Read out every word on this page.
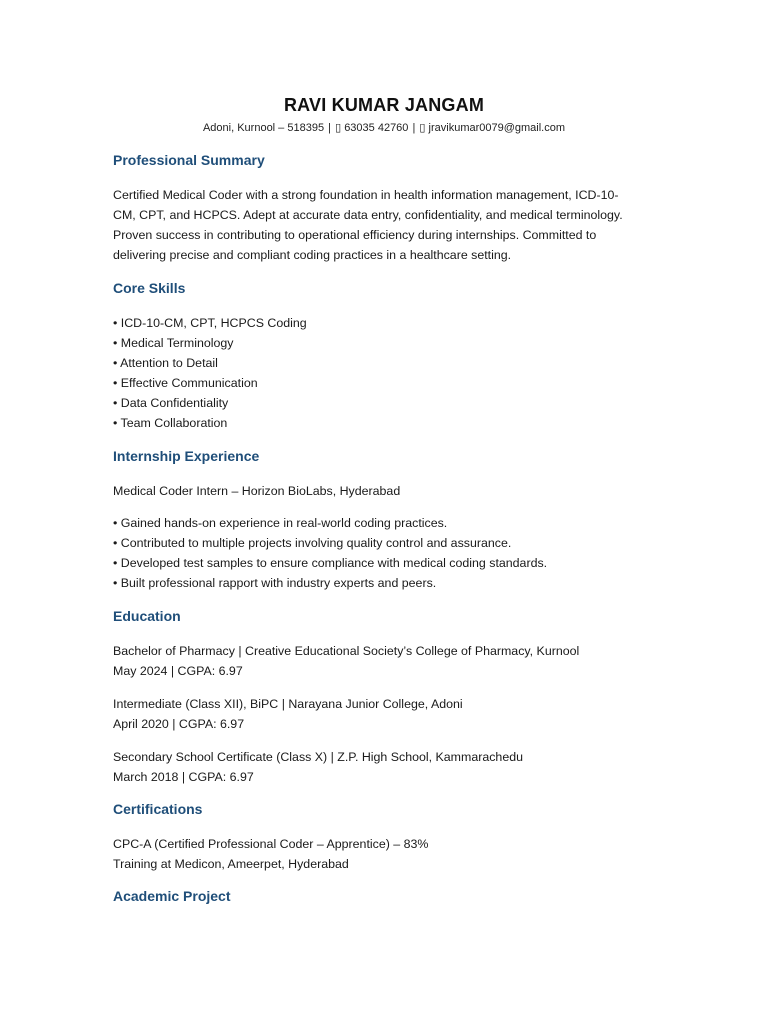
RAVI KUMAR JANGAM
Adoni, Kurnool – 518395 | ▯ 63035 42760 | ▯ jravikumar0079@gmail.com
Professional Summary
Certified Medical Coder with a strong foundation in health information management, ICD-10-
CM, CPT, and HCPCS. Adept at accurate data entry, confidentiality, and medical terminology.
Proven success in contributing to operational efficiency during internships. Committed to
delivering precise and compliant coding practices in a healthcare setting.
Core Skills
• ICD-10-CM, CPT, HCPCS Coding
• Medical Terminology
• Attention to Detail
• Effective Communication
• Data Confidentiality
• Team Collaboration
Internship Experience
Medical Coder Intern – Horizon BioLabs, Hyderabad
• Gained hands-on experience in real-world coding practices.
• Contributed to multiple projects involving quality control and assurance.
• Developed test samples to ensure compliance with medical coding standards.
• Built professional rapport with industry experts and peers.
Education
Bachelor of Pharmacy | Creative Educational Society’s College of Pharmacy, Kurnool
May 2024 | CGPA: 6.97
Intermediate (Class XII), BiPC | Narayana Junior College, Adoni
April 2020 | CGPA: 6.97
Secondary School Certificate (Class X) | Z.P. High School, Kammarachedu
March 2018 | CGPA: 6.97
Certifications
CPC-A (Certified Professional Coder – Apprentice) – 83%
Training at Medicon, Ameerpet, Hyderabad
Academic Project
